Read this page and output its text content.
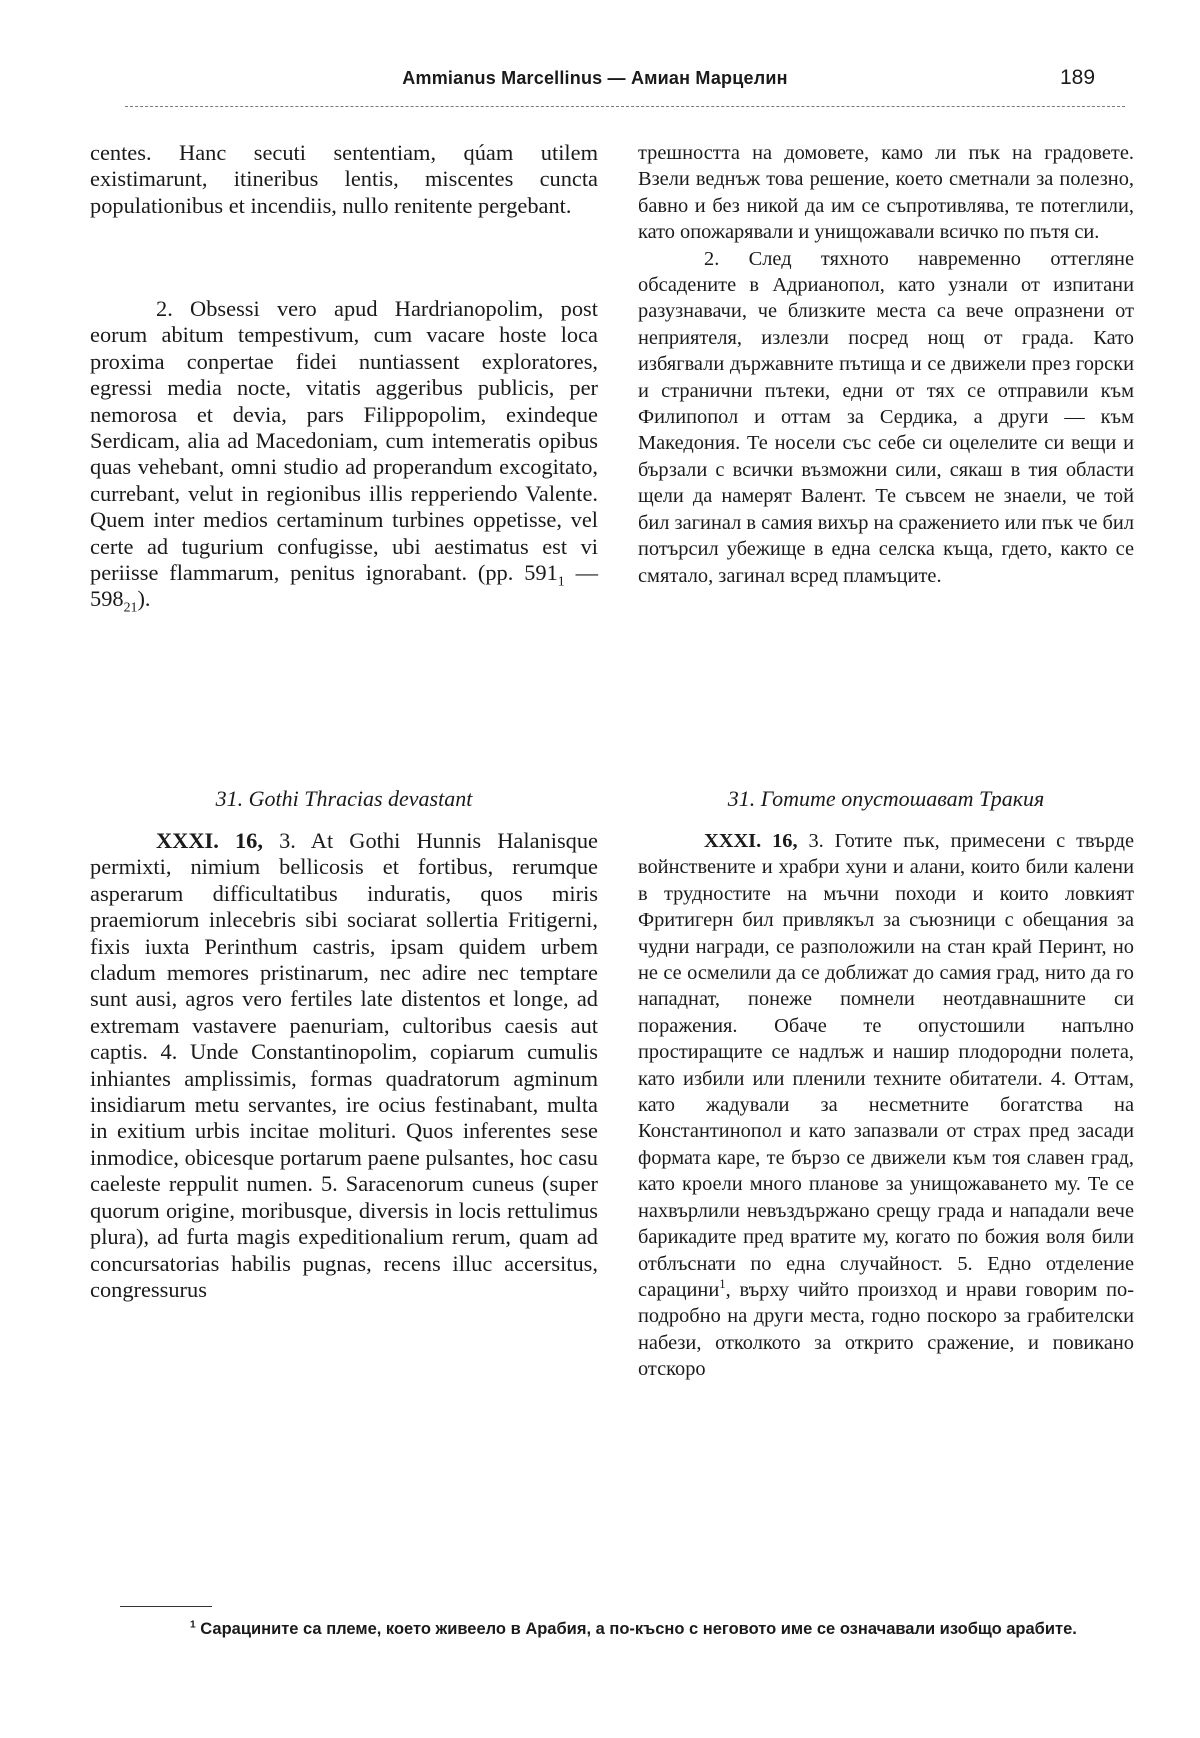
Ammianus Marcellinus — Амиан Марцелин	189

centes. Hanc secuti sententiam, qúam utilem existimarunt, itineribus lentis, miscentes cuncta populationibus et incendiis, nullo renitente pergebant.

2. Obsessi vero apud Hardrianopolim, post eorum abitum tempestivum, cum vacare hoste loca proxima conpertae fidei nuntiassent exploratores, egressi media nocte, vitatis aggeribus publicis, per nemorosa et devia, pars Filippopolim, exindeque Serdicam, alia ad Macedoniam, cum intemeratis opibus quas vehebant, omni studio ad properandum excogitato, currebant, velut in regionibus illis repperiendo Valente. Quem inter medios certaminum turbines oppetisse, vel certe ad tugurium confugisse, ubi aestimatus est vi periisse flammarum, penitus ignorabant. (pp. $591_1$ — $598_{21}$).

31. Gothi Thracias devastant

XXXI. 16, 3. At Gothi Hunnis Halanisque permixti, nimium bellicosis et fortibus, rerumque asperarum difficultatibus induratis, quos miris praemiorum inlecebris sibi sociarat sollertia Fritigerni, fixis iuxta Perinthum castris, ipsam quidem urbem cladum memores pristinarum, nec adire nec temptare sunt ausi, agros vero fertiles late distentos et longe, ad extremam vastavere paenuriam, cultoribus caesis aut captis. 4. Unde Constantinopolim, copiarum cumulis inhiantes amplissimis, formas quadratorum agminum insidiarum metu servantes, ire ocius festinabant, multa in exitium urbis incitae molituri. Quos inferentes sese inmodice, obicesque portarum paene pulsantes, hoc casu caeleste reppulit numen. 5. Saracenorum cuneus (super quorum origine, moribusque, diversis in locis rettulimus plura), ad furta magis expeditionalium rerum, quam ad concursatorias habilis pugnas, recens illuc accersitus, congressurus

трешността на домовете, камо ли пък на градовете. Взели веднъж това решение, което сметнали за полезно, бавно и без никой да им се съпротивлява, те потеглили, като опожарявали и унищожавали всичко по пътя си.

2. След тяхното навременно оттегляне обсадените в Адрианопол, като узнали от изпитани разузнавачи, че близките места са вече опразнени от неприятеля, излезли посред нощ от града. Като избягвали държавните пътища и се движели през горски и странични пътеки, едни от тях се отправили към Филипопол и оттам за Сердика, а други — към Македония. Те носели със себе си оцелелите си вещи и бързали с всички възможни сили, сякаш в тия области щели да намерят Валент. Те съвсем не знаели, че той бил загинал в самия вихър на сражението или пък че бил потърсил убежище в една селска къща, гдето, както се смятало, загинал всред пламъците.

31. Готите опустошават Тракия

XXXI. 16, 3. Готите пък, примесени с твърде войнствените и храбри хуни и алани, които били калени в трудностите на мъчни походи и които ловкият Фритигерн бил привлякъл за съюзници с обещания за чудни награди, се разположили на стан край Перинт, но не се осмелили да се доближат до самия град, нито да го нападнат, понеже помнели неотдавнашните си поражения. Обаче те опустошили напълно простиращите се надлъж и нашир плодородни полета, като избили или пленили техните обитатели. 4. Оттам, като жадували за несметните богатства на Константинопол и като запазвали от страх пред засади формата каре, те бързо се движели към тоя славен град, като кроели много планове за унищожаването му. Те се нахвърлили невъздържано срещу града и нападали вече барикадите пред вратите му, когато по божия воля били отблъснати по една случайност. 5. Едно отделение сарацини$^1$, върху чийто произход и нрави говорим по-подробно на други места, годно поскоро за грабителски набези, отколкото за открито сражение, и повикано отскоро

$^1$ Сарацините са племе, което живеело в Арабия, а по-късно с неговото име се означавали изобщо арабите.
